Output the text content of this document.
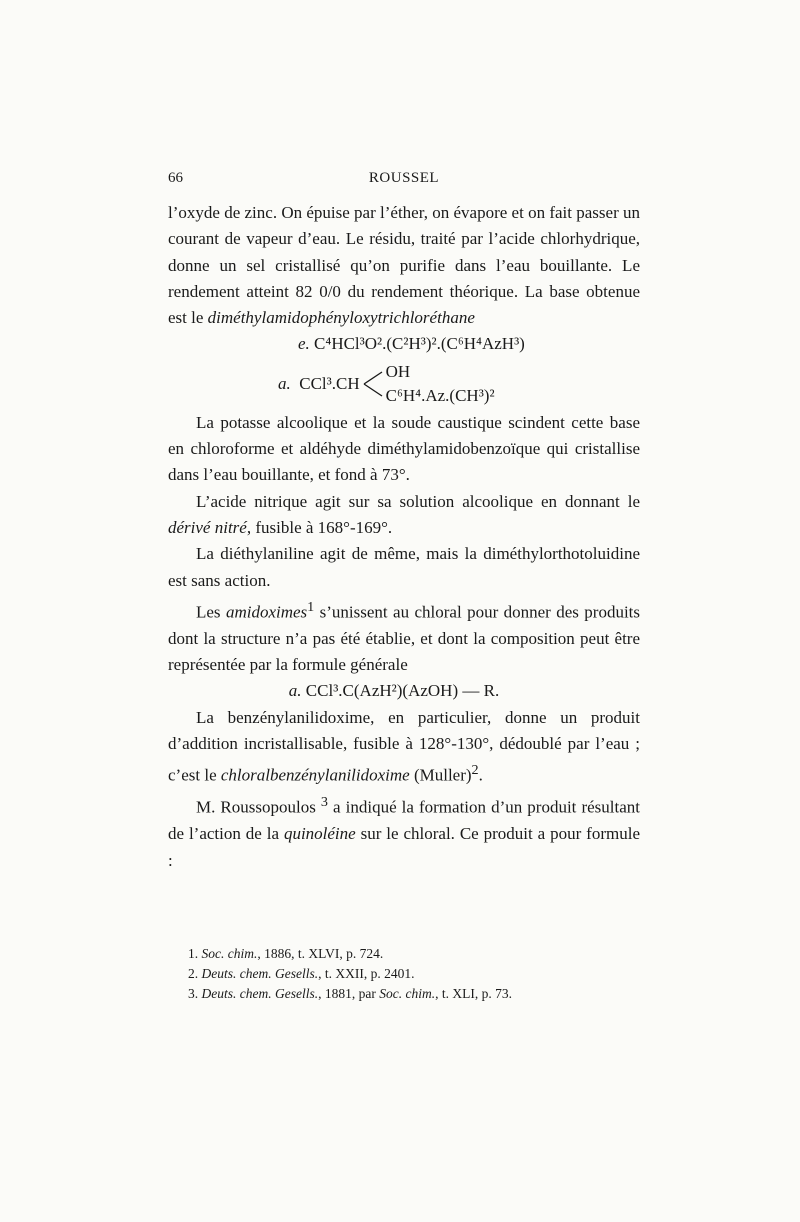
66	ROUSSEL

l’oxyde de zinc. On épuise par l’éther, on évapore et on fait passer un courant de vapeur d’eau. Le résidu, traité par l’acide chlorhydrique, donne un sel cristallisé qu’on purifie dans l’eau bouillante. Le rendement atteint 82 0/0 du rendement théorique. La base obtenue est le diméthylamidophényloxytrichloréthane

e. C⁴HCl³O².(C²H³)².(C⁶H⁴AzH³)

a.
CCl³.CH
OH
C⁶H⁴.Az.(CH³)²

La potasse alcoolique et la soude caustique scindent cette base en chloroforme et aldéhyde diméthylamidobenzoïque qui cristallise dans l’eau bouillante, et fond à 73°.

L’acide nitrique agit sur sa solution alcoolique en donnant le dérivé nitré, fusible à 168°-169°.

La diéthylaniline agit de même, mais la diméthylorthotoluidine est sans action.

Les amidoximes$^1$ s’unissent au chloral pour donner des produits dont la structure n’a pas été établie, et dont la composition peut être représentée par la formule générale

a. CCl³.C(AzH²)(AzOH) — R.

La benzénylanilidoxime, en particulier, donne un produit d’addition incristallisable, fusible à 128°-130°, dédoublé par l’eau ; c’est le chloralbenzénylanilidoxime (Muller)$^2$.

M. Roussopoulos $^3$ a indiqué la formation d’un produit résultant de l’action de la quinoléine sur le chloral. Ce produit a pour formule :

1. Soc. chim., 1886, t. XLVI, p. 724.

2. Deuts. chem. Gesells., t. XXII, p. 2401.

3. Deuts. chem. Gesells., 1881, par Soc. chim., t. XLI, p. 73.
